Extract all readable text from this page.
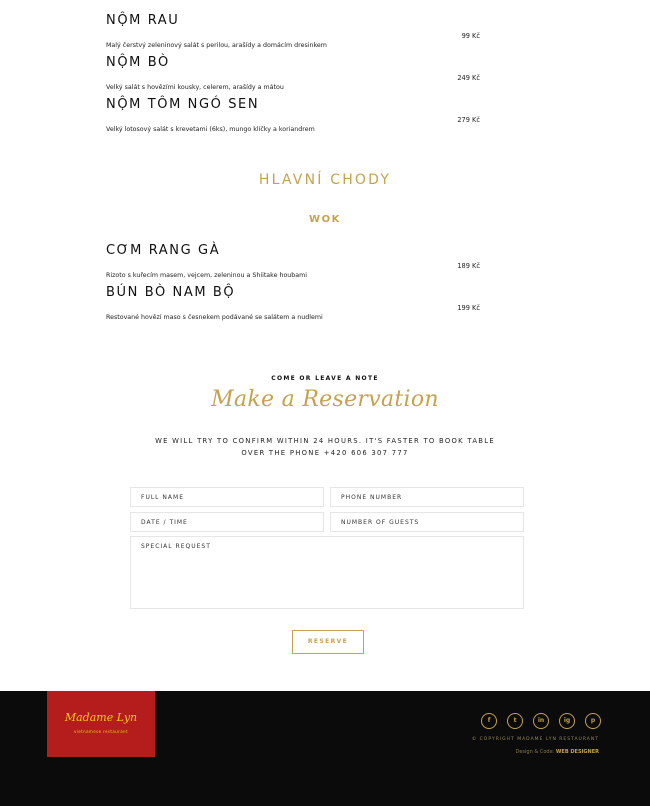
NỘM RAU
Malý čerstvý zeleninový salát s perilou, arašídy a domácím dresinkem
99 Kč
NỘM BÒ
Velký salát s hovězími kousky, celerem, arašídy a mátou
249 Kč
NỘM TÔM NGÓ SEN
Velký lotosový salát s krevetami (6ks), mungo klíčky a koriandrem
279 Kč
HLAVNÍ CHODY
WOK
CƠM RANG GÀ
Rizoto s kuřecím masem, vejcem, zeleninou a Shiitake houbami
189 Kč
BÚN BÒ NAM BỘ
Restované hovězí maso s česnekem podávané se salátem a nudlemi
199 Kč
COME OR LEAVE A NOTE
Make a Reservation
WE WILL TRY TO CONFIRM WITHIN 24 HOURS. IT'S FASTER TO BOOK TABLE
OVER THE PHONE +420 606 307 777
FULL NAME	PHONE NUMBER
DATE / TIME	NUMBER OF GUESTS
SPECIAL REQUEST
RESERVE
Madame Lyn
vietnamese restaurant
f	t	in	ig	p
© COPYRIGHT MADAME LYN RESTAURANT
Design & Code: WEB DESIGNER
